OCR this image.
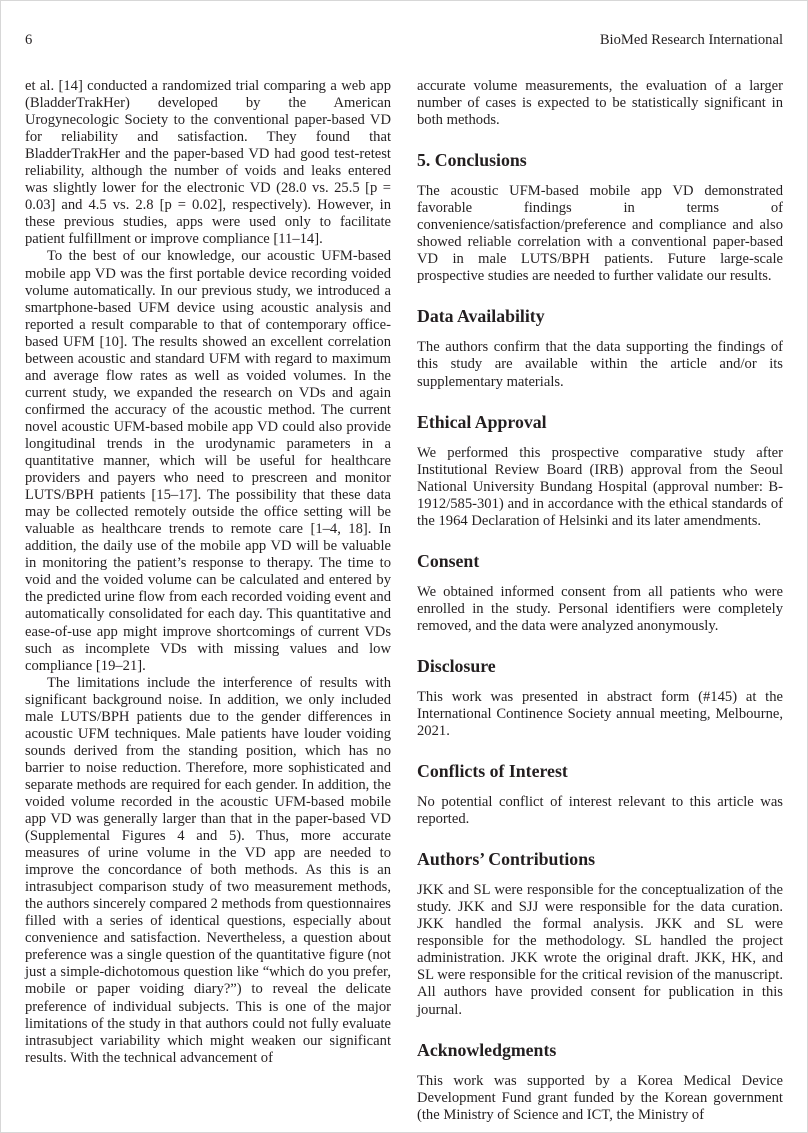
6	BioMed Research International

et al. [14] conducted a randomized trial comparing a web app (BladderTrakHer) developed by the American Urogynecologic Society to the conventional paper-based VD for reliability and satisfaction. They found that BladderTrakHer and the paper-based VD had good test-retest reliability, although the number of voids and leaks entered was slightly lower for the electronic VD (28.0 vs. 25.5 [p = 0.03] and 4.5 vs. 2.8 [p = 0.02], respectively). However, in these previous studies, apps were used only to facilitate patient fulfillment or improve compliance [11–14].

To the best of our knowledge, our acoustic UFM-based mobile app VD was the first portable device recording voided volume automatically. In our previous study, we introduced a smartphone-based UFM device using acoustic analysis and reported a result comparable to that of contemporary office-based UFM [10]. The results showed an excellent correlation between acoustic and standard UFM with regard to maximum and average flow rates as well as voided volumes. In the current study, we expanded the research on VDs and again confirmed the accuracy of the acoustic method. The current novel acoustic UFM-based mobile app VD could also provide longitudinal trends in the urodynamic parameters in a quantitative manner, which will be useful for healthcare providers and payers who need to prescreen and monitor LUTS/BPH patients [15–17]. The possibility that these data may be collected remotely outside the office setting will be valuable as healthcare trends to remote care [1–4, 18]. In addition, the daily use of the mobile app VD will be valuable in monitoring the patient’s response to therapy. The time to void and the voided volume can be calculated and entered by the predicted urine flow from each recorded voiding event and automatically consolidated for each day. This quantitative and ease-of-use app might improve shortcomings of current VDs such as incomplete VDs with missing values and low compliance [19–21].

The limitations include the interference of results with significant background noise. In addition, we only included male LUTS/BPH patients due to the gender differences in acoustic UFM techniques. Male patients have louder voiding sounds derived from the standing position, which has no barrier to noise reduction. Therefore, more sophisticated and separate methods are required for each gender. In addition, the voided volume recorded in the acoustic UFM-based mobile app VD was generally larger than that in the paper-based VD (Supplemental Figures 4 and 5). Thus, more accurate measures of urine volume in the VD app are needed to improve the concordance of both methods. As this is an intrasubject comparison study of two measurement methods, the authors sincerely compared 2 methods from questionnaires filled with a series of identical questions, especially about convenience and satisfaction. Nevertheless, a question about preference was a single question of the quantitative figure (not just a simple-dichotomous question like “which do you prefer, mobile or paper voiding diary?”) to reveal the delicate preference of individual subjects. This is one of the major limitations of the study in that authors could not fully evaluate intrasubject variability which might weaken our significant results. With the technical advancement of

accurate volume measurements, the evaluation of a larger number of cases is expected to be statistically significant in both methods.

5. Conclusions

The acoustic UFM-based mobile app VD demonstrated favorable findings in terms of convenience/satisfaction/preference and compliance and also showed reliable correlation with a conventional paper-based VD in male LUTS/BPH patients. Future large-scale prospective studies are needed to further validate our results.

Data Availability

The authors confirm that the data supporting the findings of this study are available within the article and/or its supplementary materials.

Ethical Approval

We performed this prospective comparative study after Institutional Review Board (IRB) approval from the Seoul National University Bundang Hospital (approval number: B-1912/585-301) and in accordance with the ethical standards of the 1964 Declaration of Helsinki and its later amendments.

Consent

We obtained informed consent from all patients who were enrolled in the study. Personal identifiers were completely removed, and the data were analyzed anonymously.

Disclosure

This work was presented in abstract form (#145) at the International Continence Society annual meeting, Melbourne, 2021.

Conflicts of Interest

No potential conflict of interest relevant to this article was reported.

Authors’ Contributions

JKK and SL were responsible for the conceptualization of the study. JKK and SJJ were responsible for the data curation. JKK handled the formal analysis. JKK and SL were responsible for the methodology. SL handled the project administration. JKK wrote the original draft. JKK, HK, and SL were responsible for the critical revision of the manuscript. All authors have provided consent for publication in this journal.

Acknowledgments

This work was supported by a Korea Medical Device Development Fund grant funded by the Korean government (the Ministry of Science and ICT, the Ministry of
